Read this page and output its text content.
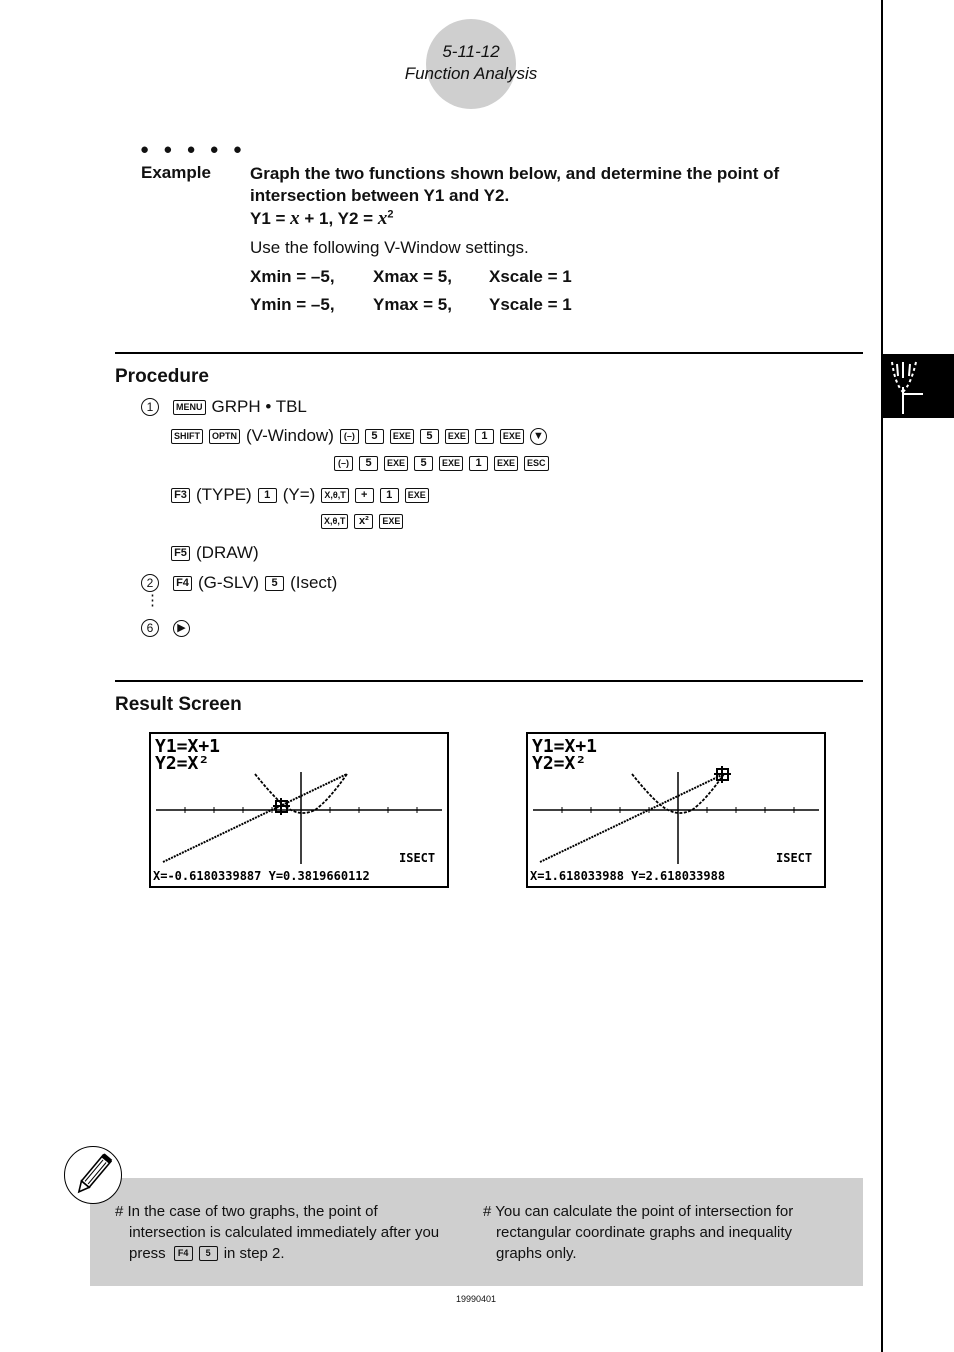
5-11-12
Function Analysis
● ● ● ● ●
Example Graph the two functions shown below, and determine the point of intersection between Y1 and Y2.
Y1 = x + 1, $Y2 = x^2$
Use the following V-Window settings.
Xmin = –5, Xmax = 5, Xscale = 1
Ymin = –5, Ymax = 5, Yscale = 1
Procedure
1	MENU GRPH • TBL
SHIFT	OPTN (V-Window)	(–)	5	EXE	5	EXE	1	EXE ▼
(–)	5	EXE	5	EXE	1	EXE	ESC
F3 (TYPE)	1 (Y=)	X,θ,T	+	1	EXE
X,θ,T	x²	EXE
F5 (DRAW)
2	F4 (G-SLV)	5 (Isect)
⋮
6	▶
Result Screen
Y1=X+1
Y2=X²
ISECT
X=-0.6180339887 Y=0.3819660112
Y1=X+1
Y2=X²
ISECT
X=1.618033988 Y=2.618033988
# In the case of two graphs, the point of
intersection is calculated immediately after you
press	F4	5 in step 2.
# You can calculate the point of intersection for
rectangular coordinate graphs and inequality
graphs only.
19990401
